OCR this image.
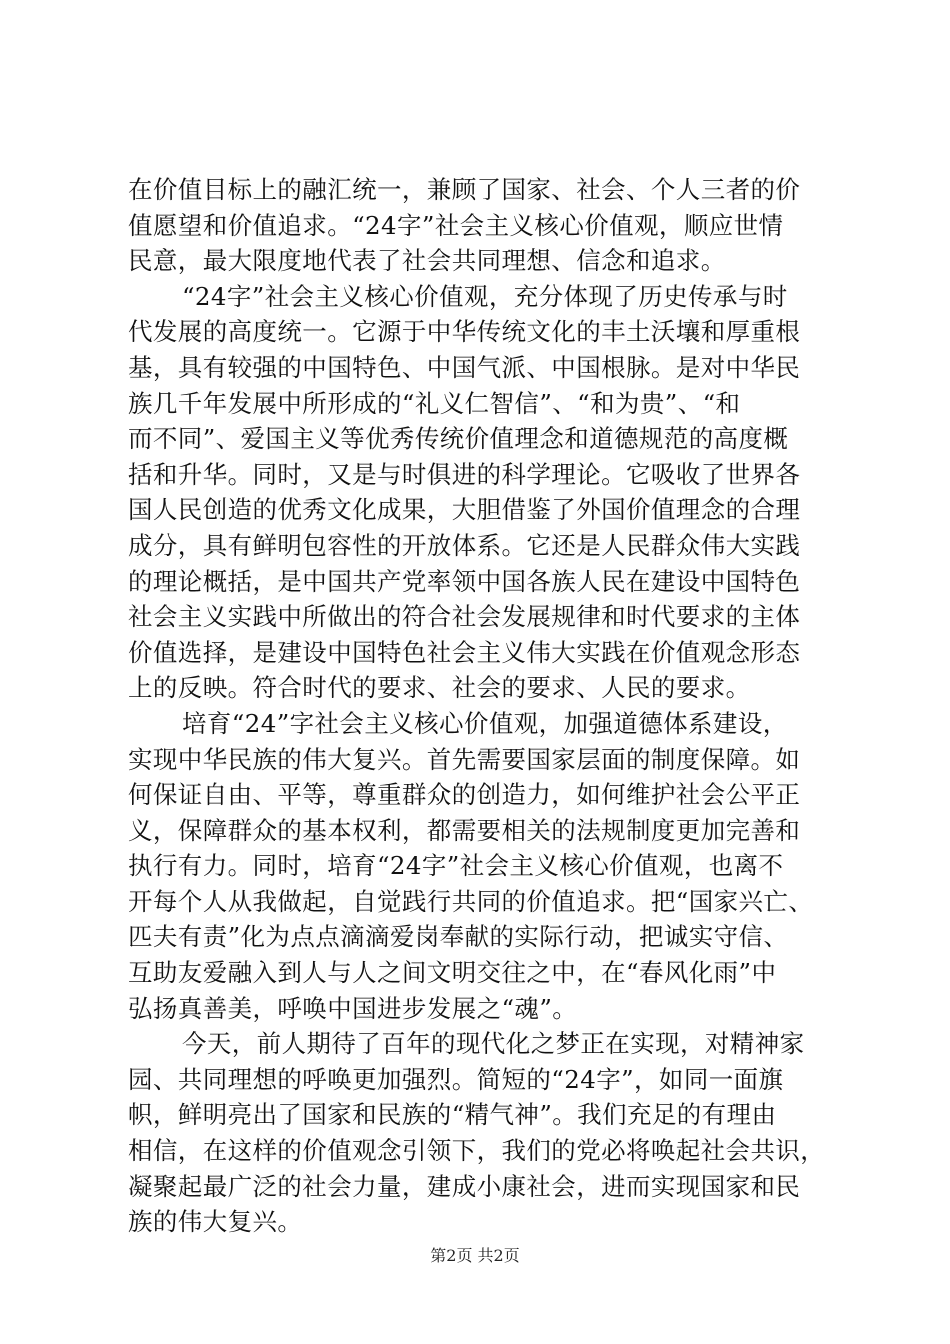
在价值目标上的融汇统一，兼顾了国家、社会、个人三者的价
值愿望和价值追求。“24字”社会主义核心价值观，顺应世情
民意，最大限度地代表了社会共同理想、信念和追求。
“24字”社会主义核心价值观，充分体现了历史传承与时
代发展的高度统一。它源于中华传统文化的丰土沃壤和厚重根
基，具有较强的中国特色、中国气派、中国根脉。是对中华民
族几千年发展中所形成的“礼义仁智信”、“和为贵”、“和
而不同”、爱国主义等优秀传统价值理念和道德规范的高度概
括和升华。同时，又是与时俱进的科学理论。它吸收了世界各
国人民创造的优秀文化成果，大胆借鉴了外国价值理念的合理
成分，具有鲜明包容性的开放体系。它还是人民群众伟大实践
的理论概括，是中国共产党率领中国各族人民在建设中国特色
社会主义实践中所做出的符合社会发展规律和时代要求的主体
价值选择，是建设中国特色社会主义伟大实践在价值观念形态
上的反映。符合时代的要求、社会的要求、人民的要求。
培育“24”字社会主义核心价值观，加强道德体系建设，
实现中华民族的伟大复兴。首先需要国家层面的制度保障。如
何保证自由、平等，尊重群众的创造力，如何维护社会公平正
义，保障群众的基本权利，都需要相关的法规制度更加完善和
执行有力。同时，培育“24字”社会主义核心价值观，也离不
开每个人从我做起，自觉践行共同的价值追求。把“国家兴亡、
匹夫有责”化为点点滴滴爱岗奉献的实际行动，把诚实守信、
互助友爱融入到人与人之间文明交往之中，在“春风化雨”中
弘扬真善美，呼唤中国进步发展之“魂”。
今天，前人期待了百年的现代化之梦正在实现，对精神家
园、共同理想的呼唤更加强烈。简短的“24字”，如同一面旗
帜，鲜明亮出了国家和民族的“精气神”。我们充足的有理由
相信，在这样的价值观念引领下，我们的党必将唤起社会共识，
凝聚起最广泛的社会力量，建成小康社会，进而实现国家和民
族的伟大复兴。
第2页 共2页
